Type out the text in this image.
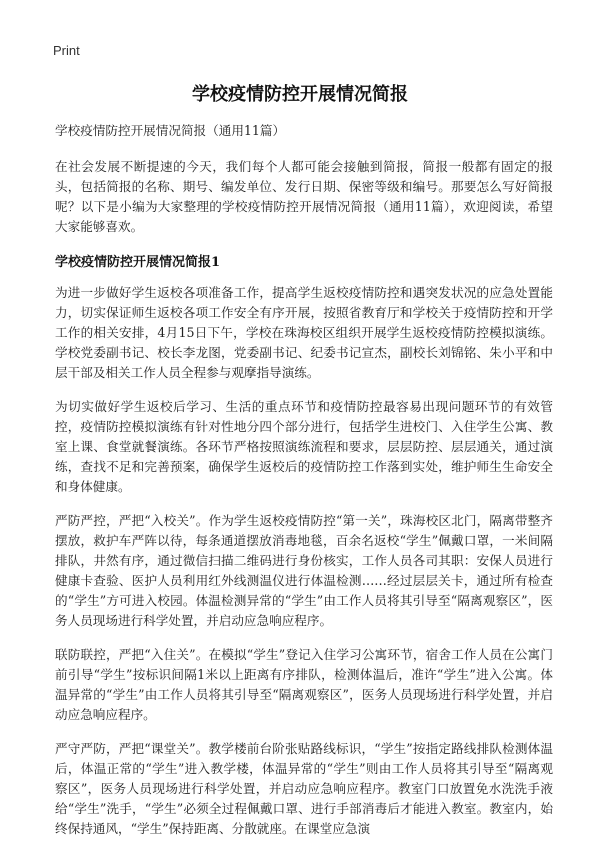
Print
学校疫情防控开展情况简报

学校疫情防控开展情况简报（通用11篇）

在社会发展不断提速的今天，我们每个人都可能会接触到简报，简报一般都有固定的报头，包括简报的名称、期号、编发单位、发行日期、保密等级和编号。那要怎么写好简报呢？以下是小编为大家整理的学校疫情防控开展情况简报（通用11篇），欢迎阅读，希望大家能够喜欢。

学校疫情防控开展情况简报1

为进一步做好学生返校各项准备工作，提高学生返校疫情防控和遇突发状况的应急处置能力，切实保证师生返校各项工作安全有序开展，按照省教育厅和学校关于疫情防控和开学工作的相关安排，4月15日下午，学校在珠海校区组织开展学生返校疫情防控模拟演练。学校党委副书记、校长李龙图，党委副书记、纪委书记宣杰，副校长刘锦铭、朱小平和中层干部及相关工作人员全程参与观摩指导演练。

为切实做好学生返校后学习、生活的重点环节和疫情防控最容易出现问题环节的有效管控，疫情防控模拟演练有针对性地分四个部分进行，包括学生进校门、入住学生公寓、教室上课、食堂就餐演练。各环节严格按照演练流程和要求，层层防控、层层通关，通过演练，查找不足和完善预案，确保学生返校后的疫情防控工作落到实处，维护师生生命安全和身体健康。

严防严控，严把“入校关”。作为学生返校疫情防控“第一关”，珠海校区北门，隔离带整齐摆放，救护车严阵以待，每条通道摆放消毒地毯，百余名返校“学生”佩戴口罩，一米间隔排队，井然有序，通过微信扫描二维码进行身份核实，工作人员各司其职：安保人员进行健康卡查验、医护人员利用红外线测温仪进行体温检测……经过层层关卡，通过所有检查的“学生”方可进入校园。体温检测异常的“学生”由工作人员将其引导至“隔离观察区”，医务人员现场进行科学处置，并启动应急响应程序。

联防联控，严把“入住关”。在模拟“学生”登记入住学习公寓环节，宿舍工作人员在公寓门前引导“学生”按标识间隔1米以上距离有序排队，检测体温后，准许“学生”进入公寓。体温异常的“学生”由工作人员将其引导至“隔离观察区”，医务人员现场进行科学处置，并启动应急响应程序。

严守严防，严把“课堂关”。教学楼前台阶张贴路线标识，“学生”按指定路线排队检测体温后，体温正常的“学生”进入教学楼，体温异常的“学生”则由工作人员将其引导至“隔离观察区”，医务人员现场进行科学处置，并启动应急响应程序。教室门口放置免水洗洗手液给“学生”洗手，“学生”必须全过程佩戴口罩、进行手部消毒后才能进入教室。教室内，始终保持通风，“学生”保持距离、分散就座。在课堂应急演
